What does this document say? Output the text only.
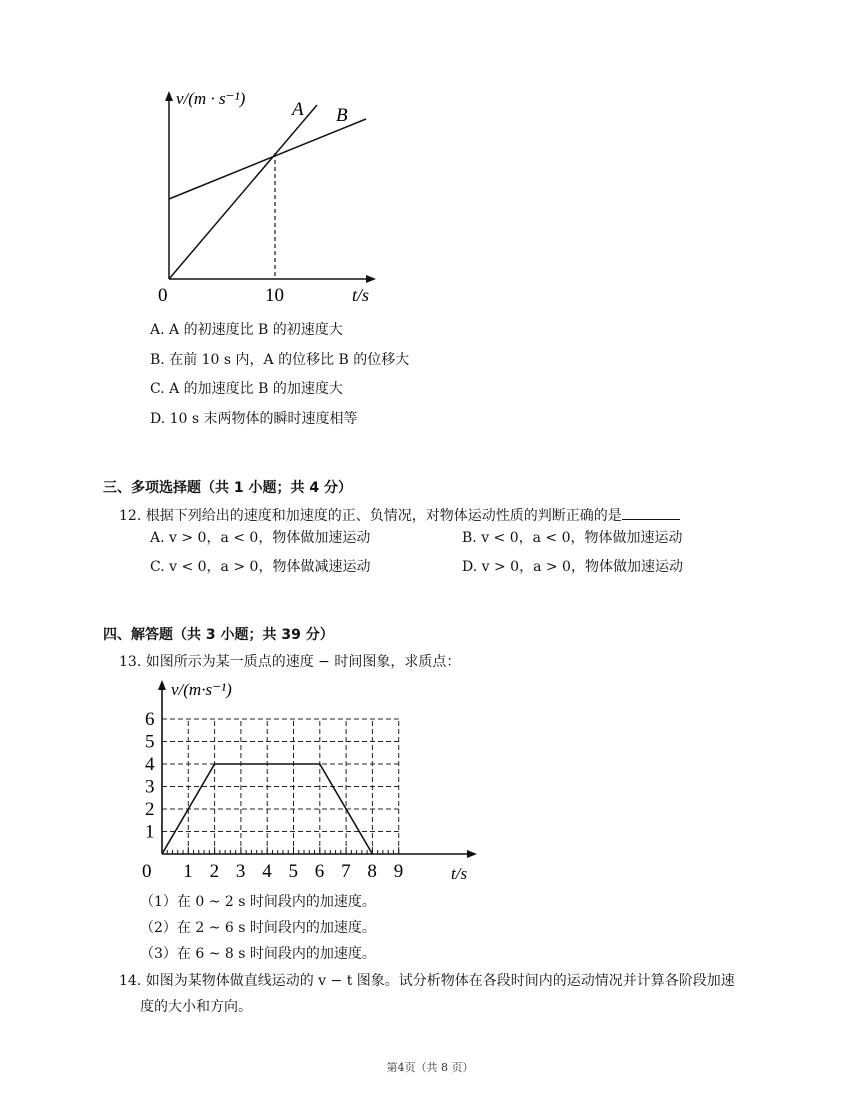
v/(m · s⁻¹)
A B
0	10	t/s
A. A 的初速度比 B 的初速度大
B. 在前 10 s 内，A 的位移比 B 的位移大
C. A 的加速度比 B 的加速度大
D. 10 s 末两物体的瞬时速度相等
三、多项选择题（共 1 小题；共 4 分）
12. 根据下列给出的速度和加速度的正、负情况，对物体运动性质的判断正确的是
A. v > 0，a < 0，物体做加速运动	B. v < 0，a < 0，物体做加速运动
C. v < 0，a > 0，物体做减速运动	D. v > 0，a > 0，物体做加速运动
四、解答题（共 3 小题；共 39 分）
13. 如图所示为某一质点的速度 − 时间图象，求质点：
0 1 2 3 4 5 6 7 8 9
1
2
3
4
5
6
v/(m·s⁻¹)
t/s
（1）在 0 ~ 2 s 时间段内的加速度。
（2）在 2 ~ 6 s 时间段内的加速度。
（3）在 6 ~ 8 s 时间段内的加速度。
14. 如图为某物体做直线运动的 v − t 图象。试分析物体在各段时间内的运动情况并计算各阶段加速
度的大小和方向。
第4页（共 8 页）
